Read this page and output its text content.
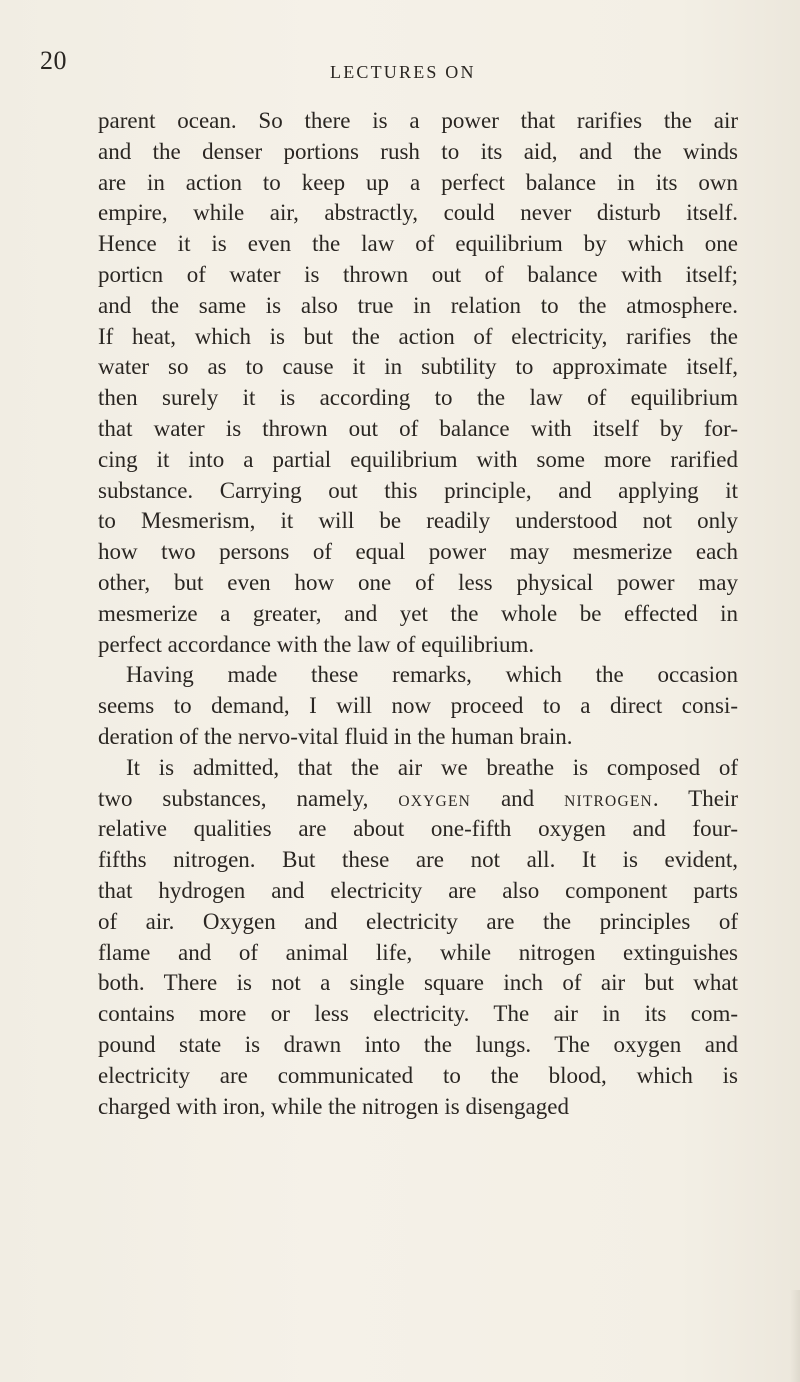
20	LECTURES ON
parent ocean. So there is a power that rarifies the air
and the denser portions rush to its aid, and the winds
are in action to keep up a perfect balance in its own
empire, while air, abstractly, could never disturb itself.
Hence it is even the law of equilibrium by which one
porticn of water is thrown out of balance with itself;
and the same is also true in relation to the atmosphere.
If heat, which is but the action of electricity, rarifies the
water so as to cause it in subtility to approximate itself,
then surely it is according to the law of equilibrium
that water is thrown out of balance with itself by for-
cing it into a partial equilibrium with some more rarified
substance. Carrying out this principle, and applying it
to Mesmerism, it will be readily understood not only
how two persons of equal power may mesmerize each
other, but even how one of less physical power may
mesmerize a greater, and yet the whole be effected in
perfect accordance with the law of equilibrium.
Having made these remarks, which the occasion
seems to demand, I will now proceed to a direct consi-
deration of the nervo-vital fluid in the human brain.
It is admitted, that the air we breathe is composed of
two substances, namely, OXYGEN and NITROGEN. Their
relative qualities are about one-fifth oxygen and four-
fifths nitrogen. But these are not all. It is evident,
that hydrogen and electricity are also component parts
of air. Oxygen and electricity are the principles of
flame and of animal life, while nitrogen extinguishes
both. There is not a single square inch of air but what
contains more or less electricity. The air in its com-
pound state is drawn into the lungs. The oxygen and
electricity are communicated to the blood, which is
charged with iron, while the nitrogen is disengaged
